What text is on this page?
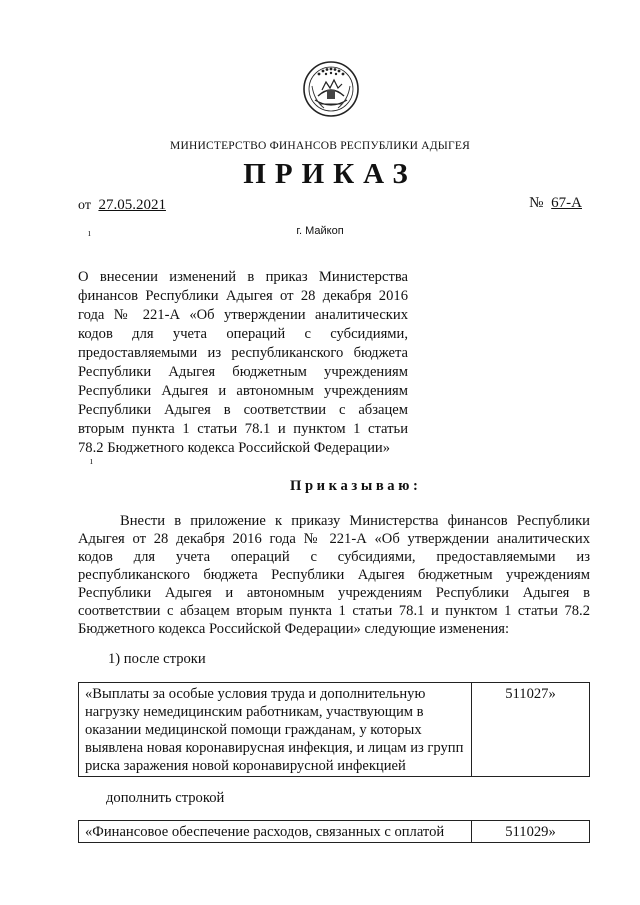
МИНИСТЕРСТВО ФИНАНСОВ РЕСПУБЛИКИ АДЫГЕЯ
ПРИКАЗ
от 27.05.2021	№ 67-А
ı	г. Майкоп
О внесении изменений в приказ Министерства
финансов Республики Адыгея от 28 декабря 2016
года № 221-А «Об утверждении аналитических
кодов для учета операций с субсидиями,
предоставляемыми из республиканского бюджета
Республики Адыгея бюджетным учреждениям
Республики Адыгея и автономным учреждениям
Республики Адыгея в соответствии с абзацем
вторым пункта 1 статьи 78.1 и пунктом 1 статьи
78.2 Бюджетного кодекса Российской Федерации»
ı
Приказываю:
Внести в приложение к приказу Министерства финансов Республики
Адыгея от 28 декабря 2016 года № 221-А «Об утверждении аналитических
кодов для учета операций с субсидиями, предоставляемыми из
республиканского бюджета Республики Адыгея бюджетным учреждениям
Республики Адыгея и автономным учреждениям Республики Адыгея в
соответствии с абзацем вторым пункта 1 статьи 78.1 и пунктом 1 статьи 78.2
Бюджетного кодекса Российской Федерации» следующие изменения:
1) после строки
«Выплаты за особые условия труда и дополнительную нагрузку немедицинским работникам, участвующим в оказании медицинской помощи гражданам, у которых выявлена новая коронавирусная инфекция, и лицам из групп риска заражения новой коронавирусной инфекцией	511027»
дополнить строкой
«Финансовое обеспечение расходов, связанных с оплатой	511029»
